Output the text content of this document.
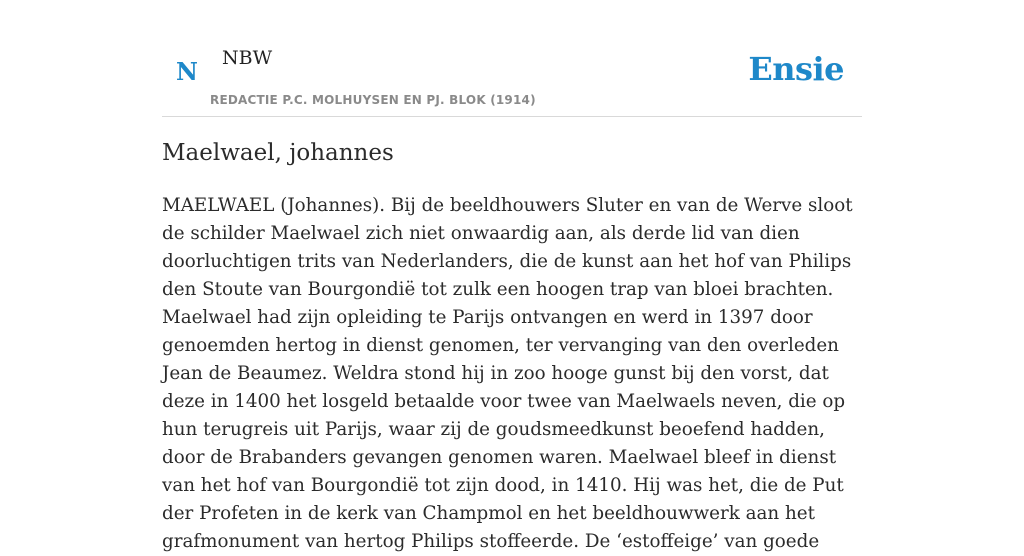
N NBW
REDACTIE P.C. MOLHUYSEN EN PJ. BLOK (1914)
Ensie
Maelwael, johannes

MAELWAEL (Johannes). Bij de beeldhouwers Sluter en van de Werve sloot de schilder Maelwael zich niet onwaardig aan, als derde lid van dien doorluchtigen trits van Nederlanders, die de kunst aan het hof van Philips den Stoute van Bourgondië tot zulk een hoogen trap van bloei brachten. Maelwael had zijn opleiding te Parijs ontvangen en werd in 1397 door genoemden hertog in dienst genomen, ter vervanging van den overleden Jean de Beaumez. Weldra stond hij in zoo hooge gunst bij den vorst, dat deze in 1400 het losgeld betaalde voor twee van Maelwaels neven, die op hun terugreis uit Parijs, waar zij de goudsmeedkunst beoefend hadden, door de Brabanders gevangen genomen waren. Maelwael bleef in dienst van het hof van Bourgondië tot zijn dood, in 1410. Hij was het, die de Put der Profeten in de kerk van Champmol en het beeldhouwwerk aan het grafmonument van hertog Philips stoffeerde. De ‘estoffeige’ van goede
